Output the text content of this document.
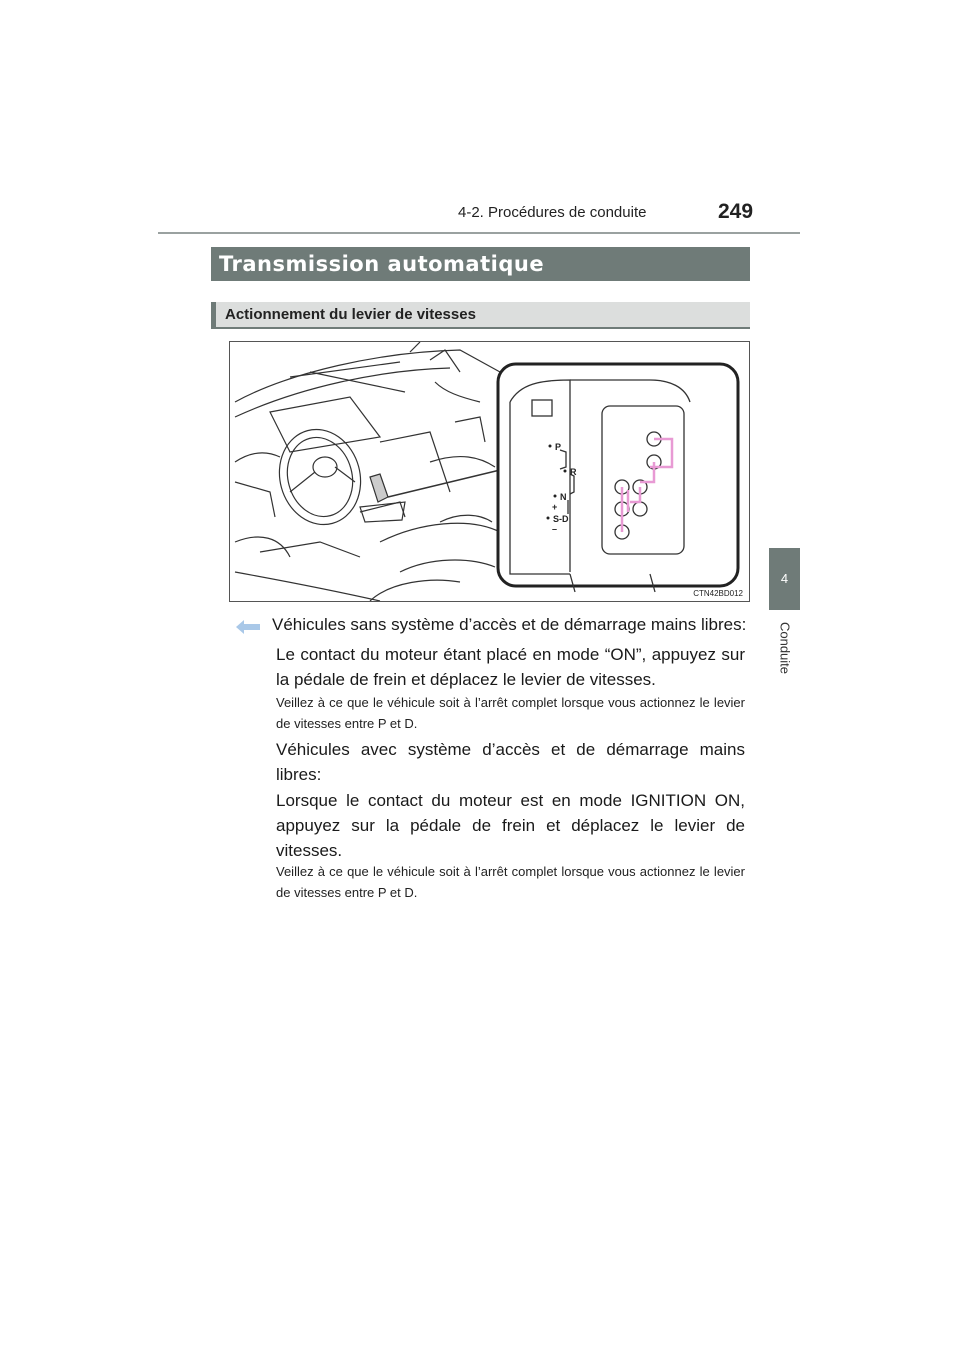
4-2. Procédures de conduite	249
4
Conduite
Transmission automatique
Actionnement du levier de vitesses
P
R
N
+
S-D
–
CTN42BD012
Véhicules sans système d’accès et de démarrage mains libres:
Le contact du moteur étant placé en mode “ON”, appuyez sur la pédale de frein et déplacez le levier de vitesses.
Veillez à ce que le véhicule soit à l’arrêt complet lorsque vous actionnez le levier de vitesses entre P et D.
Véhicules avec système d’accès et de démarrage mains libres:
Lorsque le contact du moteur est en mode IGNITION ON, appuyez sur la pédale de frein et déplacez le levier de vitesses.
Veillez à ce que le véhicule soit à l’arrêt complet lorsque vous actionnez le levier de vitesses entre P et D.
